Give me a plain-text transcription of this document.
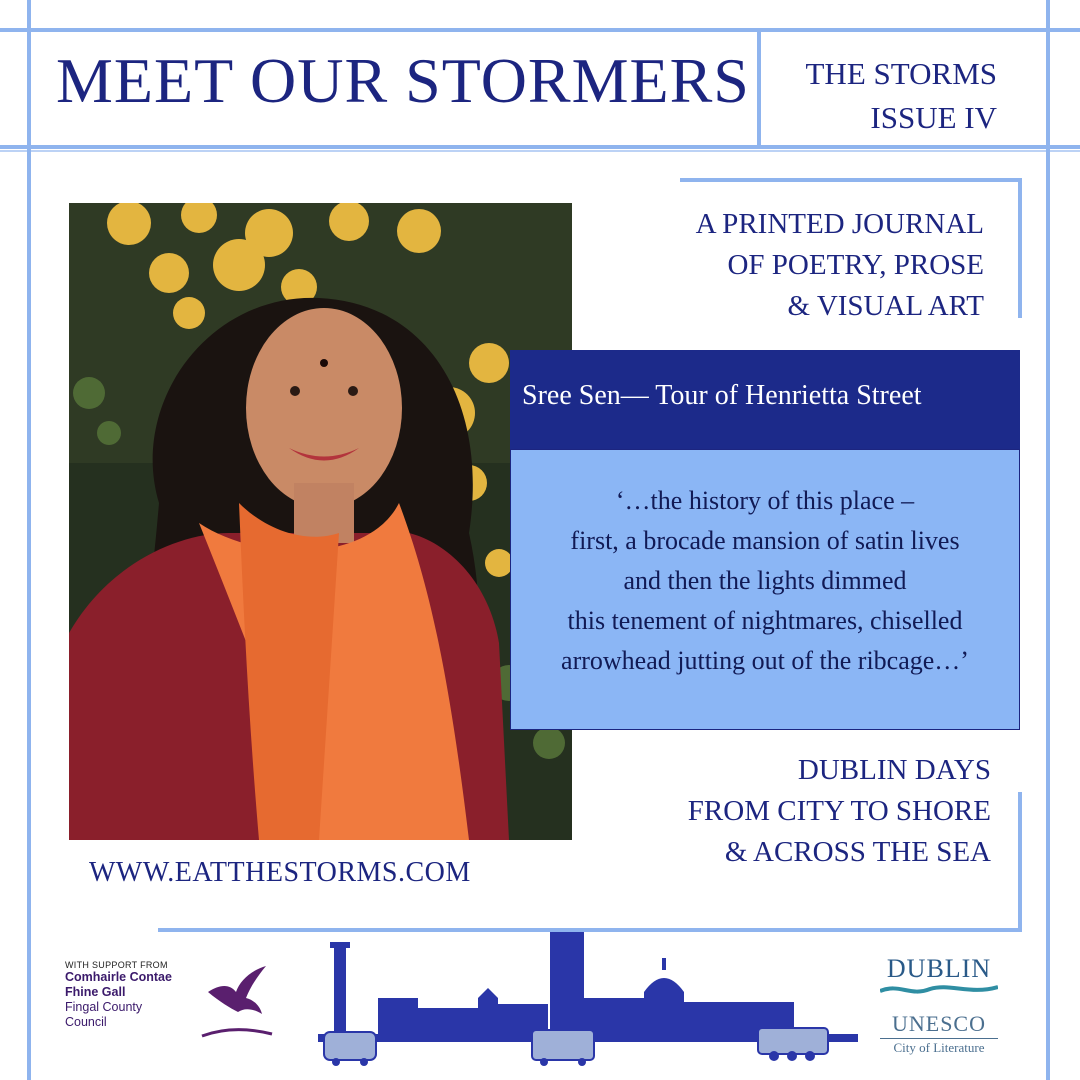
MEET OUR STORMERS THE STORMS
ISSUE IV
A PRINTED JOURNAL
OF POETRY, PROSE
& VISUAL ART
Sree Sen— Tour of Henrietta Street
‘…the history of this place –
first, a brocade mansion of satin lives
and then the lights dimmed
this tenement of nightmares, chiselled
arrowhead jutting out of the ribcage…’
DUBLIN DAYS
FROM CITY TO SHORE
& ACROSS THE SEA
WWW.EATTHESTORMS.COM
WITH SUPPORT FROM
Comhairle Contae
Fhine Gall
Fingal County
Council
DUBLIN
UNESCO
City of Literature
